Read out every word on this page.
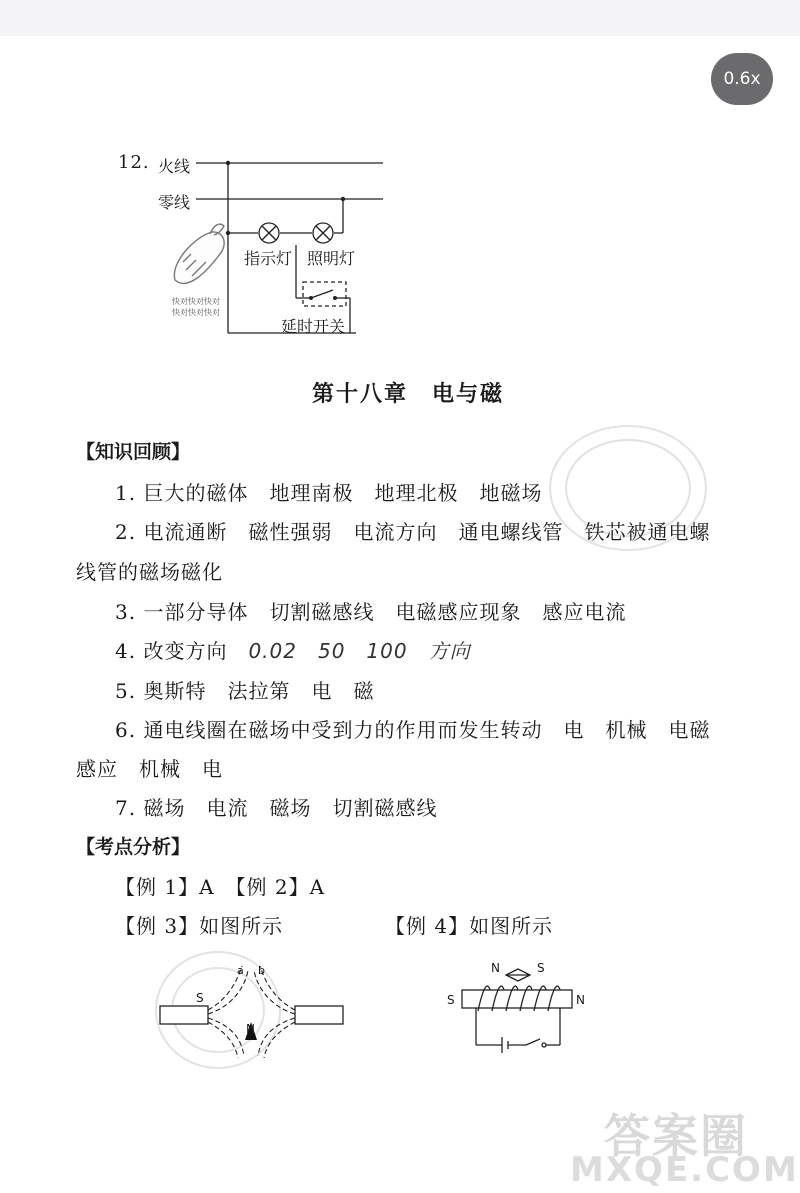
0.6x
12. 火线
零线
指示灯 照明灯
延时开关
快对快对快对
快对快对快对
第十八章　电与磁
【知识回顾】
1. 巨大的磁体　地理南极　地理北极　地磁场
2. 电流通断　磁性强弱　电流方向　通电螺线管　铁芯被通电螺
线管的磁场磁化
3. 一部分导体　切割磁感线　电磁感应现象　感应电流
4. 改变方向　0.02　50　100　方向
5. 奥斯特　法拉第　电　磁
6. 通电线圈在磁场中受到力的作用而发生转动　电　机械　电磁
感应　机械　电
7. 磁场　电流　磁场　切割磁感线
【考点分析】
【例 1】A　【例 2】A
【例 3】如图所示	【例 4】如图所示
a b
S
N
N	S
S	N
答案圈
MXQE.COM
